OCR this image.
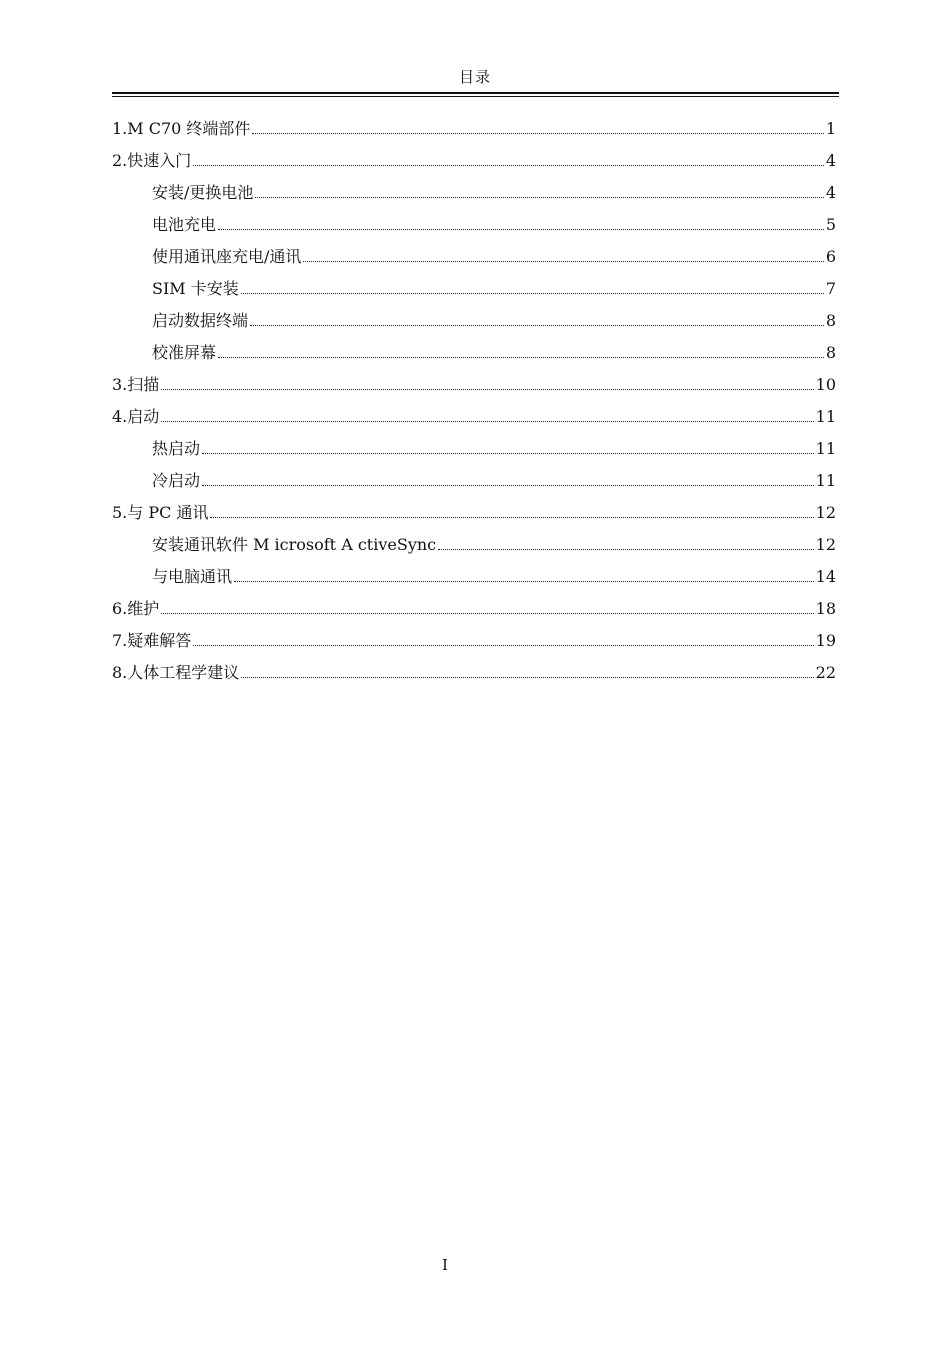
目录
1.M C70 终端部件	1
2.快速入门	4
安装/更换电池	4
电池充电	5
使用通讯座充电/通讯	6
SIM 卡安装	7
启动数据终端	8
校准屏幕	8
3.扫描	10
4.启动	11
热启动	11
冷启动	11
5.与 PC 通讯	12
安装通讯软件 M icrosoft A ctiveSync	12
与电脑通讯	14
6.维护	18
7.疑难解答	19
8.人体工程学建议	22
I
